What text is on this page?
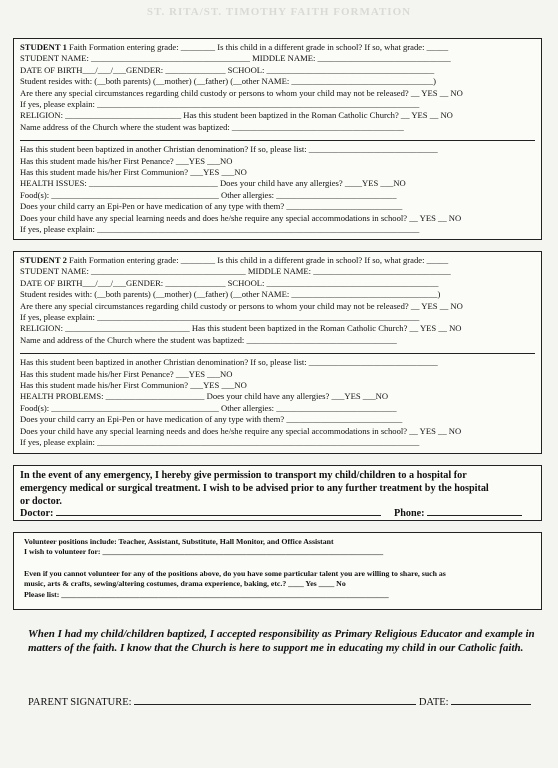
ST. RITA/ST. TIMOTHY FAITH FORMATION
STUDENT 1 Faith Formation entering grade: ________ Is this child in a different grade in school? If so, what grade: _____
STUDENT NAME: _____________________________________ MIDDLE NAME: _______________________________
DATE OF BIRTH___/___/___GENDER: ______________ SCHOOL: _______________________________________
Student resides with: (__both parents) (__mother) (__father) (__other NAME: _________________________________)
Are there any special circumstances regarding child custody or persons to whom your child may not be released? __ YES __ NO
If yes, please explain: ___________________________________________________________________________
RELIGION: ___________________________ Has this student been baptized in the Roman Catholic Church? __ YES __ NO
Name address of the Church where the student was baptized: ________________________________________
Has this student been baptized in another Christian denomination? If so, please list: ______________________________
Has this student made his/her First Penance? ___YES ___NO
Has this student made his/her First Communion? ___YES ___NO
HEALTH ISSUES: ______________________________ Does your child have any allergies? ____YES ___NO
Food(s): _______________________________________ Other allergies: ____________________________
Does your child carry an Epi-Pen or have medication of any type with them? ___________________________
Does your child have any special learning needs and does he/she require any special accommodations in school? __ YES __ NO
If yes, please explain: ___________________________________________________________________________
STUDENT 2 Faith Formation entering grade: ________ Is this child in a different grade in school? If so, what grade: _____
STUDENT NAME: ____________________________________ MIDDLE NAME: ________________________________
DATE OF BIRTH___/___/___GENDER: ______________ SCHOOL: ________________________________________
Student resides with: (__both parents) (__mother) (__father) (__other NAME: __________________________________)
Are there any special circumstances regarding child custody or persons to whom your child may not be released? __ YES __ NO
If yes, please explain: ___________________________________________________________________________
RELIGION: _____________________________ Has this student been baptized in the Roman Catholic Church? __ YES __ NO
Name and address of the Church where the student was baptized: ___________________________________
Has this student been baptized in another Christian denomination? If so, please list: ______________________________
Has this student made his/her First Penance? ___YES ___NO
Has this student made his/her First Communion? ___YES ___NO
HEALTH PROBLEMS: _______________________ Does your child have any allergies? ___YES ___NO
Food(s): _______________________________________ Other allergies: ____________________________
Does your child carry an Epi-Pen or have medication of any type with them? ___________________________
Does your child have any special learning needs and does he/she require any special accommodations in school? __ YES __ NO
If yes, please explain: ___________________________________________________________________________
In the event of any emergency, I hereby give permission to transport my child/children to a hospital for
emergency medical or surgical treatment. I wish to be advised prior to any further treatment by the hospital
or doctor.
Doctor:	Phone:
Volunteer positions include: Teacher, Assistant, Substitute, Hall Monitor, and Office Assistant
I wish to volunteer for: ________________________________________________________________________
Even if you cannot volunteer for any of the positions above, do you have some particular talent you are willing to share, such as
music, arts & crafts, sewing/altering costumes, drama experience, baking, etc.? ____ Yes ____ No
Please list: ____________________________________________________________________________________
When I had my child/children baptized, I accepted responsibility as Primary Religious Educator and example in matters of the faith. I know that the Church is here to support me in educating my child in our Catholic faith.
PARENT SIGNATURE:	DATE:
